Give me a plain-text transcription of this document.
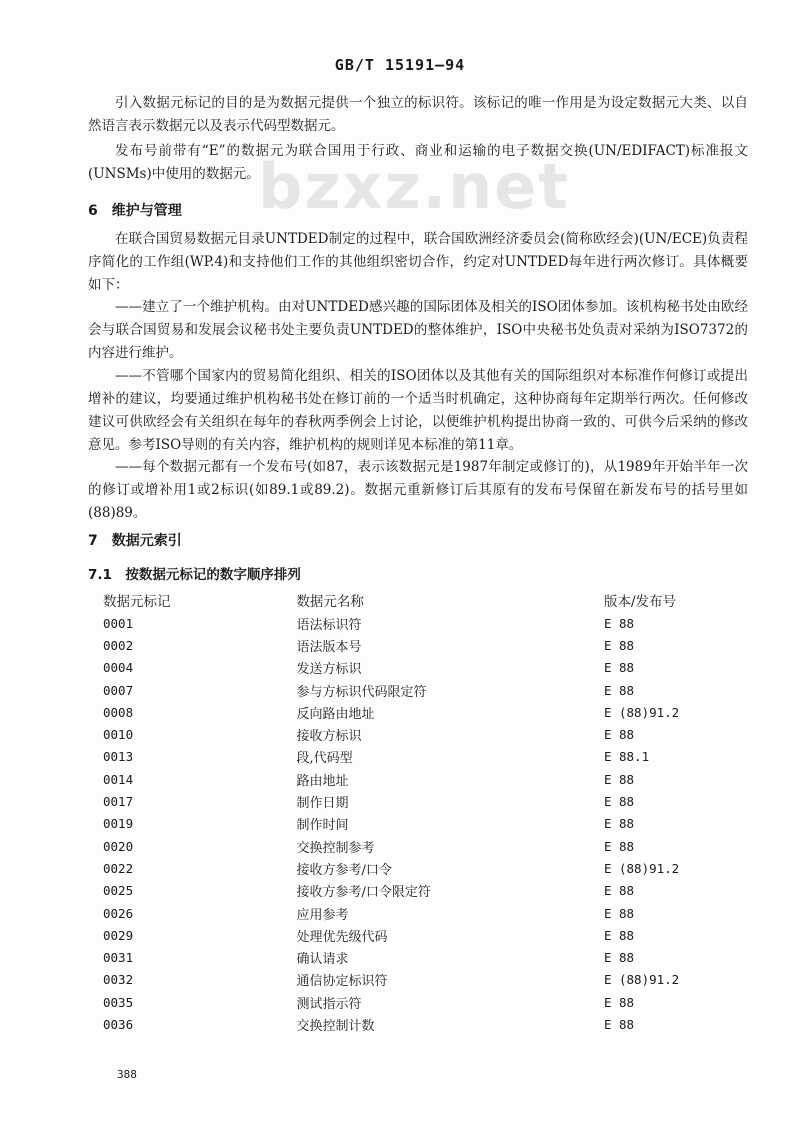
GB/T 15191—94
bzxz.net
引入数据元标记的目的是为数据元提供一个独立的标识符。该标记的唯一作用是为设定数据元大类、以自然语言表示数据元以及表示代码型数据元。
发布号前带有“E”的数据元为联合国用于行政、商业和运输的电子数据交换(UN/EDIFACT)标准报文(UNSMs)中使用的数据元。
6　维护与管理
在联合国贸易数据元目录UNTDED制定的过程中，联合国欧洲经济委员会(简称欧经会)(UN/ECE)负责程序简化的工作组(WP.4)和支持他们工作的其他组织密切合作，约定对UNTDED每年进行两次修订。具体概要如下：
——建立了一个维护机构。由对UNTDED感兴趣的国际团体及相关的ISO团体参加。该机构秘书处由欧经会与联合国贸易和发展会议秘书处主要负责UNTDED的整体维护，ISO中央秘书处负责对采纳为ISO7372的内容进行维护。
——不管哪个国家内的贸易简化组织、相关的ISO团体以及其他有关的国际组织对本标准作何修订或提出增补的建议，均要通过维护机构秘书处在修订前的一个适当时机确定，这种协商每年定期举行两次。任何修改建议可供欧经会有关组织在每年的春秋两季例会上讨论，以便维护机构提出协商一致的、可供今后采纳的修改意见。参考ISO导则的有关内容，维护机构的规则详见本标准的第11章。
——每个数据元都有一个发布号(如87，表示该数据元是1987年制定或修订的)，从1989年开始半年一次的修订或增补用1或2标识(如89.1或89.2)。数据元重新修订后其原有的发布号保留在新发布号的括号里如(88)89。
7　数据元索引
7.1　按数据元标记的数字顺序排列
数据元标记	数据元名称	版本/发布号
0001	语法标识符	E 88
0002	语法版本号	E 88
0004	发送方标识	E 88
0007	参与方标识代码限定符	E 88
0008	反向路由地址	E (88)91.2
0010	接收方标识	E 88
0013	段,代码型	E 88.1
0014	路由地址	E 88
0017	制作日期	E 88
0019	制作时间	E 88
0020	交换控制参考	E 88
0022	接收方参考/口令	E (88)91.2
0025	接收方参考/口令限定符	E 88
0026	应用参考	E 88
0029	处理优先级代码	E 88
0031	确认请求	E 88
0032	通信协定标识符	E (88)91.2
0035	测试指示符	E 88
0036	交换控制计数	E 88
388
